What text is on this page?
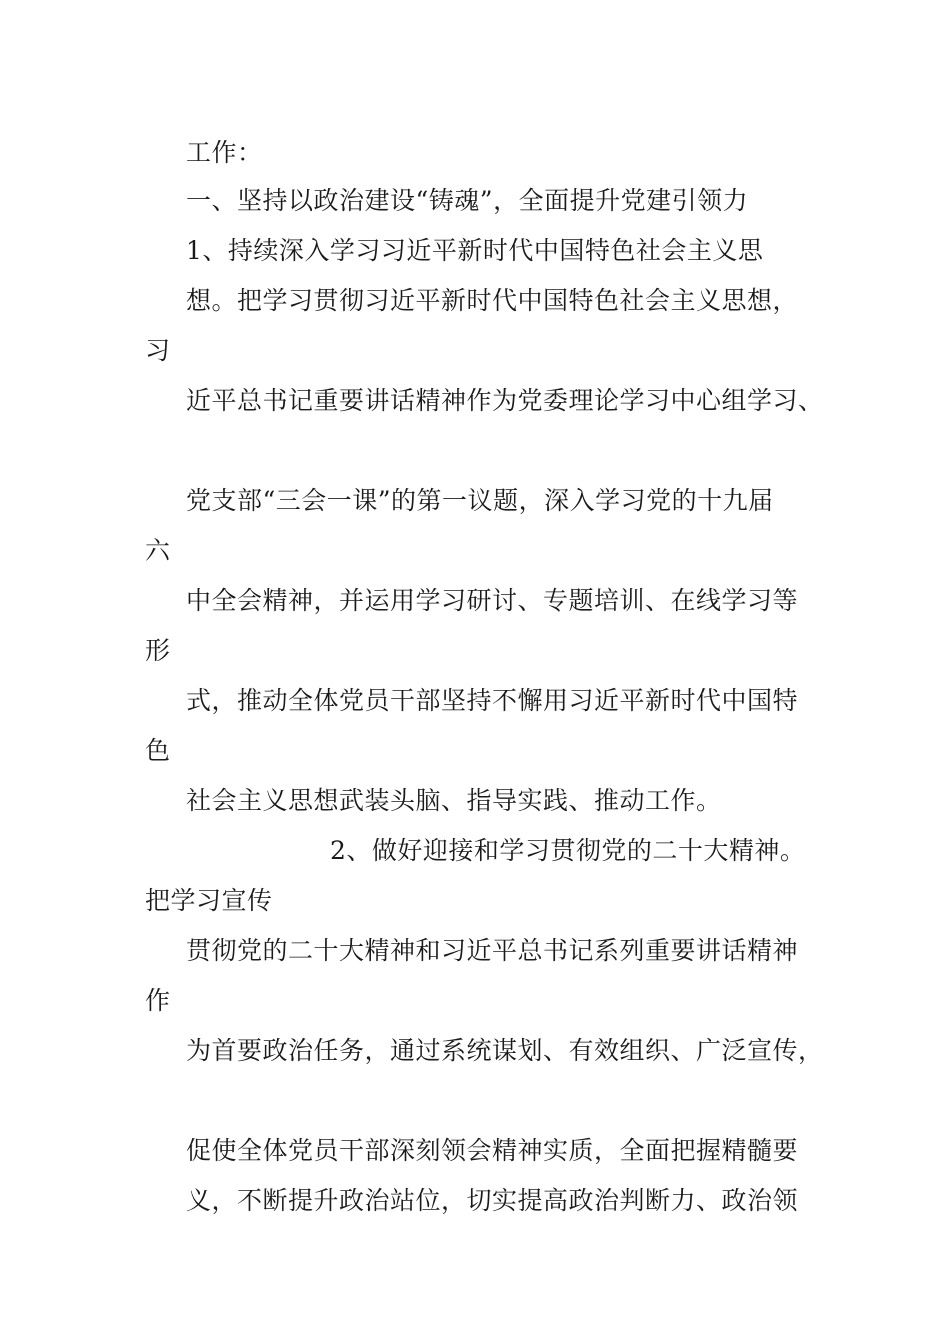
工作：
一、坚持以政治建设“铸魂”，全面提升党建引领力
1、持续深入学习习近平新时代中国特色社会主义思
想。把学习贯彻习近平新时代中国特色社会主义思想，
习
近平总书记重要讲话精神作为党委理论学习中心组学习、
党支部“三会一课”的第一议题，深入学习党的十九届
六
中全会精神，并运用学习研讨、专题培训、在线学习等
形
式，推动全体党员干部坚持不懈用习近平新时代中国特
色
社会主义思想武装头脑、指导实践、推动工作。
2、做好迎接和学习贯彻党的二十大精神。
把学习宣传
贯彻党的二十大精神和习近平总书记系列重要讲话精神
作
为首要政治任务，通过系统谋划、有效组织、广泛宣传，
促使全体党员干部深刻领会精神实质，全面把握精髓要
义，不断提升政治站位，切实提高政治判断力、政治领
